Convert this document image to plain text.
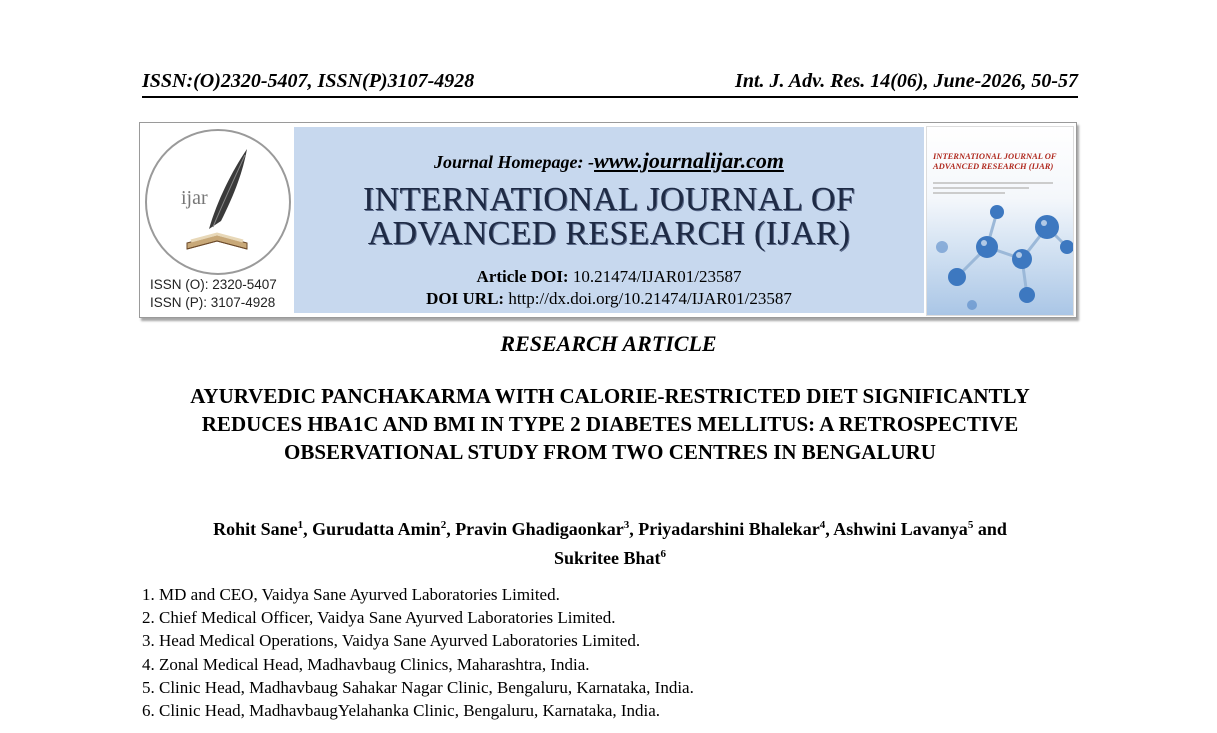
ISSN:(O)2320-5407, ISSN(P)3107-4928	Int. J. Adv. Res. 14(06), June-2026, 50-57
ijar
ISSN (O): 2320-5407
ISSN (P): 3107-4928
Journal Homepage: -www.journalijar.com
INTERNATIONAL JOURNAL OF
ADVANCED RESEARCH (IJAR)
Article DOI: 10.21474/IJAR01/23587
DOI URL: http://dx.doi.org/10.21474/IJAR01/23587
INTERNATIONAL JOURNAL OF ADVANCED RESEARCH (IJAR)
RESEARCH ARTICLE
AYURVEDIC PANCHAKARMA WITH CALORIE-RESTRICTED DIET SIGNIFICANTLY REDUCES HBA1C AND BMI IN TYPE 2 DIABETES MELLITUS: A RETROSPECTIVE OBSERVATIONAL STUDY FROM TWO CENTRES IN BENGALURU
Rohit Sane$^1$, Gurudatta Amin$^2$, Pravin Ghadigaonkar$^3$, Priyadarshini Bhalekar$^4$, Ashwini Lavanya$^5$ and
Sukritee Bhat$^6$
1. MD and CEO, Vaidya Sane Ayurved Laboratories Limited.
2. Chief Medical Officer, Vaidya Sane Ayurved Laboratories Limited.
3. Head Medical Operations, Vaidya Sane Ayurved Laboratories Limited.
4. Zonal Medical Head, Madhavbaug Clinics, Maharashtra, India.
5. Clinic Head, Madhavbaug Sahakar Nagar Clinic, Bengaluru, Karnataka, India.
6. Clinic Head, MadhavbaugYelahanka Clinic, Bengaluru, Karnataka, India.
